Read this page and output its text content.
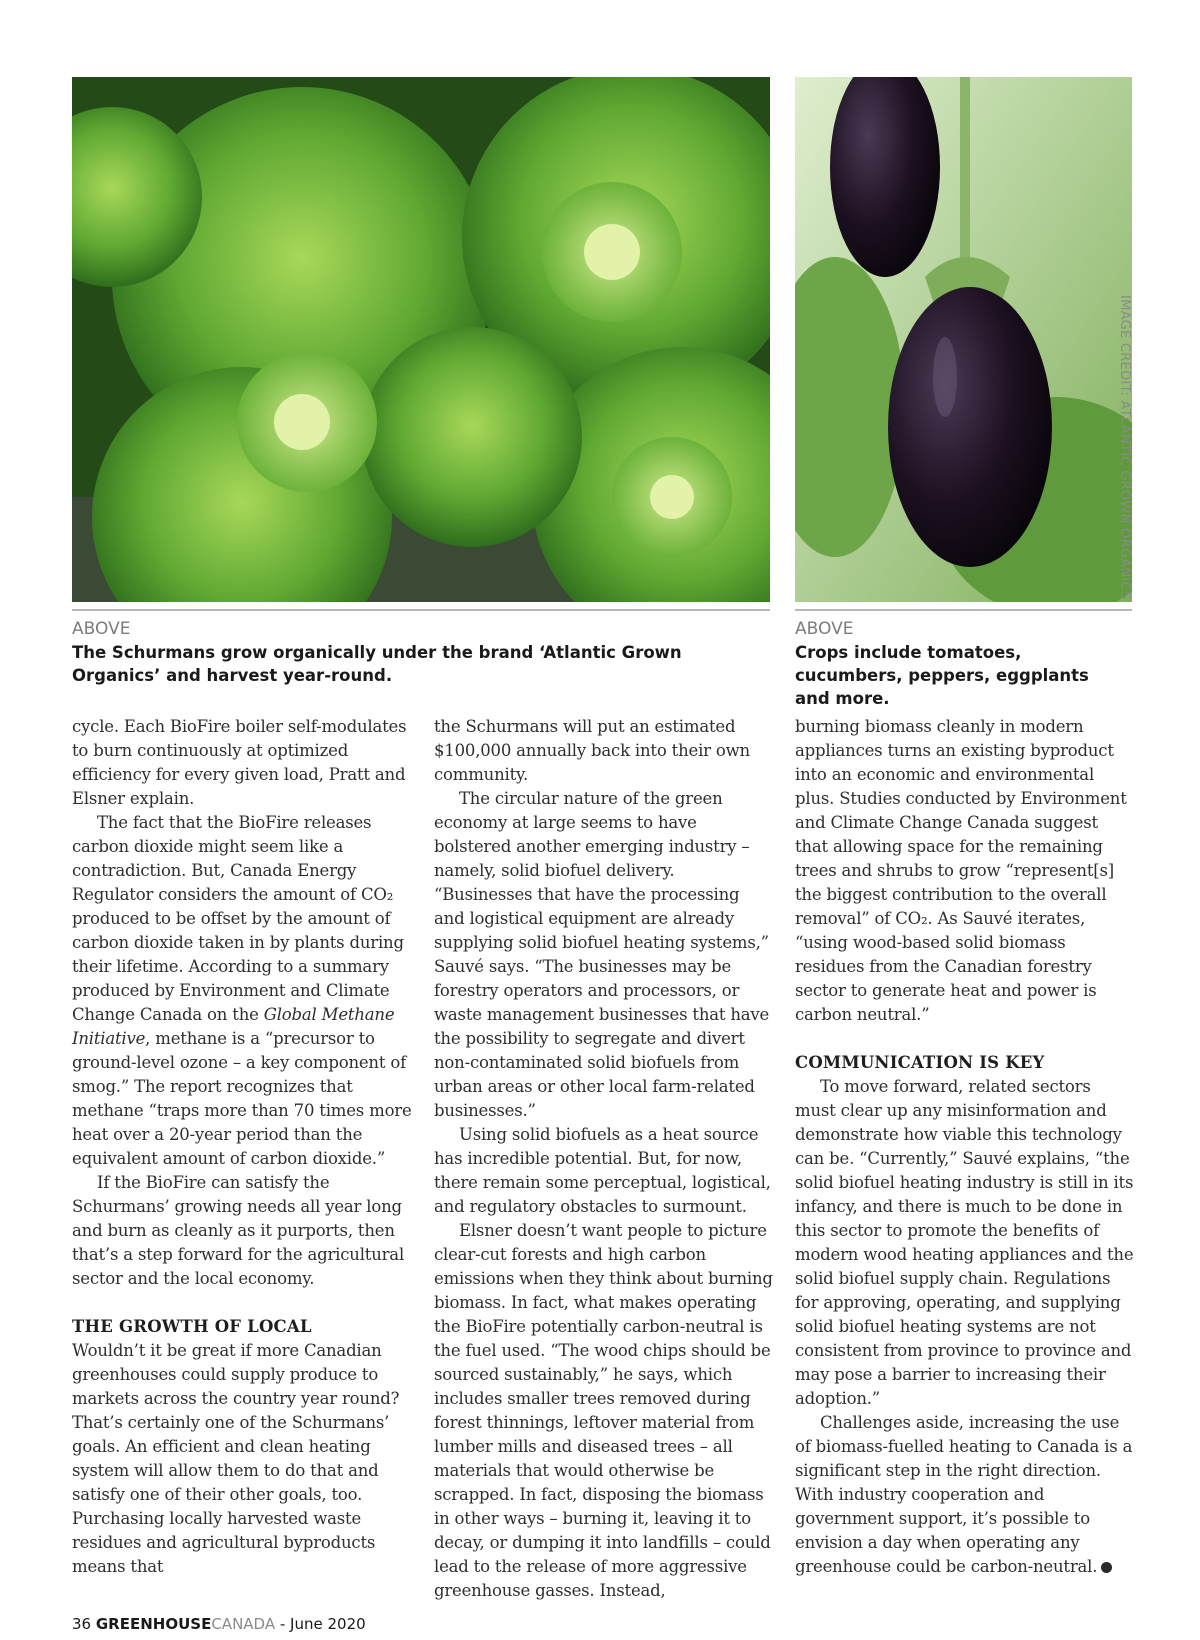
IMAGE CREDIT: ATLANTIC GROWN ORGANICS
ABOVE
The Schurmans grow organically under the brand ‘Atlantic Grown Organics’ and harvest year-round.
ABOVE
Crops include tomatoes, cucumbers, peppers, eggplants and more.

cycle. Each BioFire boiler self-modulates to burn continuously at optimized efficiency for every given load, Pratt and Elsner explain.

The fact that the BioFire releases carbon dioxide might seem like a contradiction. But, Canada Energy Regulator considers the amount of CO₂ produced to be offset by the amount of carbon dioxide taken in by plants during their lifetime. According to a summary produced by Environment and Climate Change Canada on the Global Methane Initiative, methane is a “precursor to ground-level ozone – a key component of smog.” The report recognizes that methane “traps more than 70 times more heat over a 20-year period than the equivalent amount of carbon dioxide.”

If the BioFire can satisfy the Schurmans’ growing needs all year long and burn as cleanly as it purports, then that’s a step forward for the agricultural sector and the local economy.

THE GROWTH OF LOCAL

Wouldn’t it be great if more Canadian greenhouses could supply produce to markets across the country year round? That’s certainly one of the Schurmans’ goals. An efficient and clean heating system will allow them to do that and satisfy one of their other goals, too. Purchasing locally harvested waste residues and agricultural byproducts means that

the Schurmans will put an estimated $100,000 annually back into their own community.

The circular nature of the green economy at large seems to have bolstered another emerging industry – namely, solid biofuel delivery. “Businesses that have the processing and logistical equipment are already supplying solid biofuel heating systems,” Sauvé says. “The businesses may be forestry operators and processors, or waste management businesses that have the possibility to segregate and divert non-contaminated solid biofuels from urban areas or other local farm-related businesses.”

Using solid biofuels as a heat source has incredible potential. But, for now, there remain some perceptual, logistical, and regulatory obstacles to surmount.

Elsner doesn’t want people to picture clear-cut forests and high carbon emissions when they think about burning biomass. In fact, what makes operating the BioFire potentially carbon-neutral is the fuel used. “The wood chips should be sourced sustainably,” he says, which includes smaller trees removed during forest thinnings, leftover material from lumber mills and diseased trees – all materials that would otherwise be scrapped. In fact, disposing the biomass in other ways – burning it, leaving it to decay, or dumping it into landfills – could lead to the release of more aggressive greenhouse gasses. Instead,

burning biomass cleanly in modern appliances turns an existing byproduct into an economic and environmental plus. Studies conducted by Environment and Climate Change Canada suggest that allowing space for the remaining trees and shrubs to grow “represent[s] the biggest contribution to the overall removal” of CO₂. As Sauvé iterates, “using wood-based solid biomass residues from the Canadian forestry sector to generate heat and power is carbon neutral.”

COMMUNICATION IS KEY

To move forward, related sectors must clear up any misinformation and demonstrate how viable this technology can be. “Currently,” Sauvé explains, “the solid biofuel heating industry is still in its infancy, and there is much to be done in this sector to promote the benefits of modern wood heating appliances and the solid biofuel supply chain. Regulations for approving, operating, and supplying solid biofuel heating systems are not consistent from province to province and may pose a barrier to increasing their adoption.”

Challenges aside, increasing the use of biomass-fuelled heating to Canada is a significant step in the right direction. With industry cooperation and government support, it’s possible to envision a day when operating any greenhouse could be carbon-neutral.

36 GREENHOUSECANADA - June 2020
